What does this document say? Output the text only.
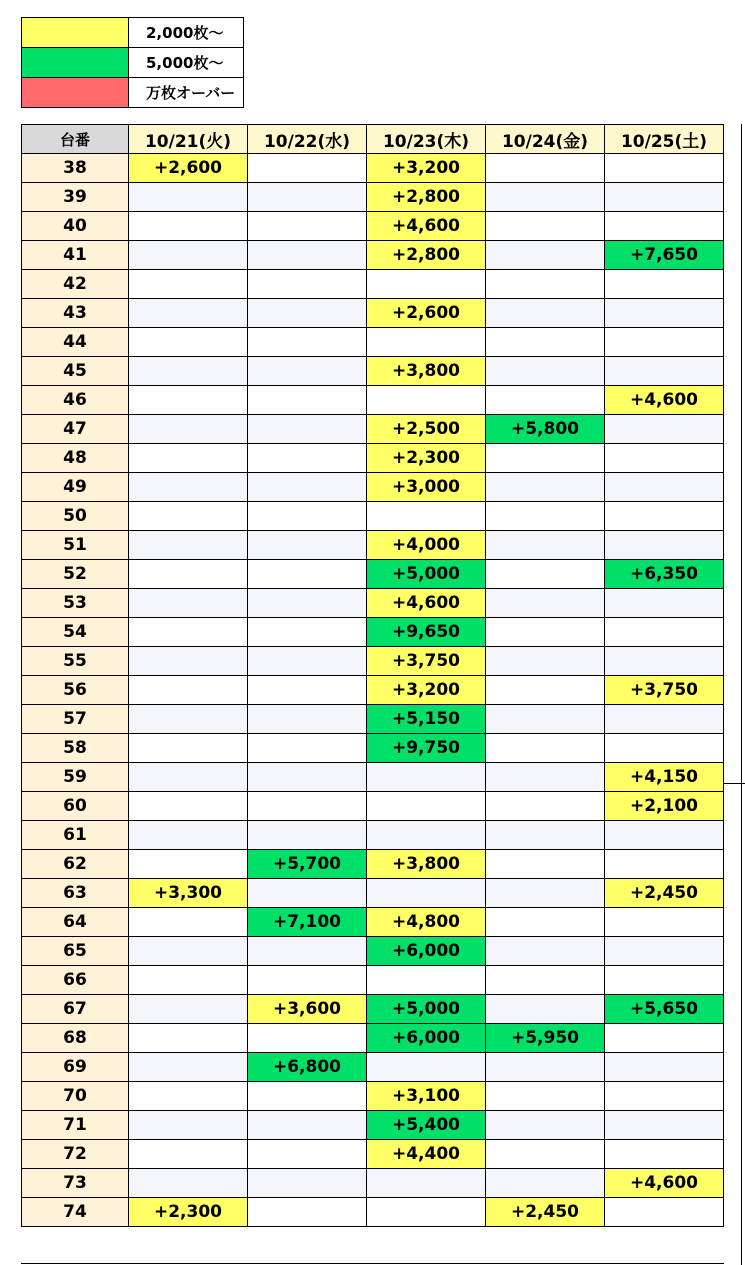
	2,000枚～
	5,000枚～
	万枚オーバー
台番	10/21(火)	10/22(水)	10/23(木)	10/24(金)	10/25(土)
38	+2,600		+3,200		
39			+2,800		
40			+4,600		
41			+2,800		+7,650
42					
43			+2,600		
44					
45			+3,800		
46					+4,600
47			+2,500	+5,800	
48			+2,300		
49			+3,000		
50					
51			+4,000		
52			+5,000		+6,350
53			+4,600		
54			+9,650		
55			+3,750		
56			+3,200		+3,750
57			+5,150		
58			+9,750		
59					+4,150
60					+2,100
61					
62		+5,700	+3,800		
63	+3,300				+2,450
64		+7,100	+4,800		
65			+6,000		
66					
67		+3,600	+5,000		+5,650
68			+6,000	+5,950	
69		+6,800			
70			+3,100		
71			+5,400		
72			+4,400		
73					+4,600
74	+2,300			+2,450	
